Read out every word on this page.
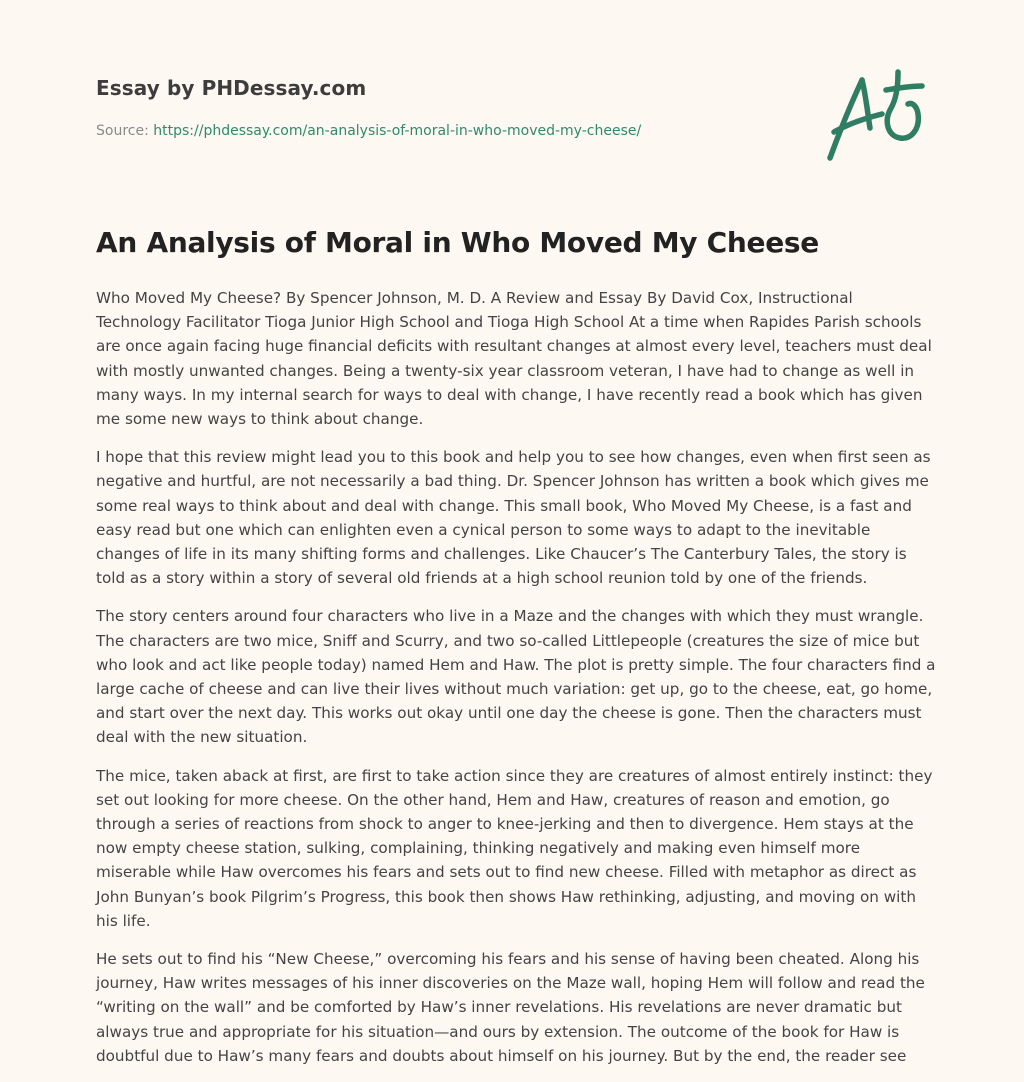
Essay by PHDessay.com
Source: https://phdessay.com/an-analysis-of-moral-in-who-moved-my-cheese/
An Analysis of Moral in Who Moved My Cheese

Who Moved My Cheese? By Spencer Johnson, M. D. A Review and Essay By David Cox, Instructional Technology Facilitator Tioga Junior High School and Tioga High School At a time when Rapides Parish schools are once again facing huge financial deficits with resultant changes at almost every level, teachers must deal with mostly unwanted changes. Being a twenty-six year classroom veteran, I have had to change as well in many ways. In my internal search for ways to deal with change, I have recently read a book which has given me some new ways to think about change.

I hope that this review might lead you to this book and help you to see how changes, even when first seen as negative and hurtful, are not necessarily a bad thing. Dr. Spencer Johnson has written a book which gives me some real ways to think about and deal with change. This small book, Who Moved My Cheese, is a fast and easy read but one which can enlighten even a cynical person to some ways to adapt to the inevitable changes of life in its many shifting forms and challenges. Like Chaucer’s The Canterbury Tales, the story is told as a story within a story of several old friends at a high school reunion told by one of the friends.

The story centers around four characters who live in a Maze and the changes with which they must wrangle. The characters are two mice, Sniff and Scurry, and two so-called Littlepeople (creatures the size of mice but who look and act like people today) named Hem and Haw. The plot is pretty simple. The four characters find a large cache of cheese and can live their lives without much variation: get up, go to the cheese, eat, go home, and start over the next day. This works out okay until one day the cheese is gone. Then the characters must deal with the new situation.

The mice, taken aback at first, are first to take action since they are creatures of almost entirely instinct: they set out looking for more cheese. On the other hand, Hem and Haw, creatures of reason and emotion, go through a series of reactions from shock to anger to knee-jerking and then to divergence. Hem stays at the now empty cheese station, sulking, complaining, thinking negatively and making even himself more miserable while Haw overcomes his fears and sets out to find new cheese. Filled with metaphor as direct as John Bunyan’s book Pilgrim’s Progress, this book then shows Haw rethinking, adjusting, and moving on with his life.

He sets out to find his “New Cheese,” overcoming his fears and his sense of having been cheated. Along his journey, Haw writes messages of his inner discoveries on the Maze wall, hoping Hem will follow and read the “writing on the wall” and be comforted by Haw’s inner revelations. His revelations are never dramatic but always true and appropriate for his situation—and ours by extension. The outcome of the book for Haw is doubtful due to Haw’s many fears and doubts about himself on his journey. But by the end, the reader see
